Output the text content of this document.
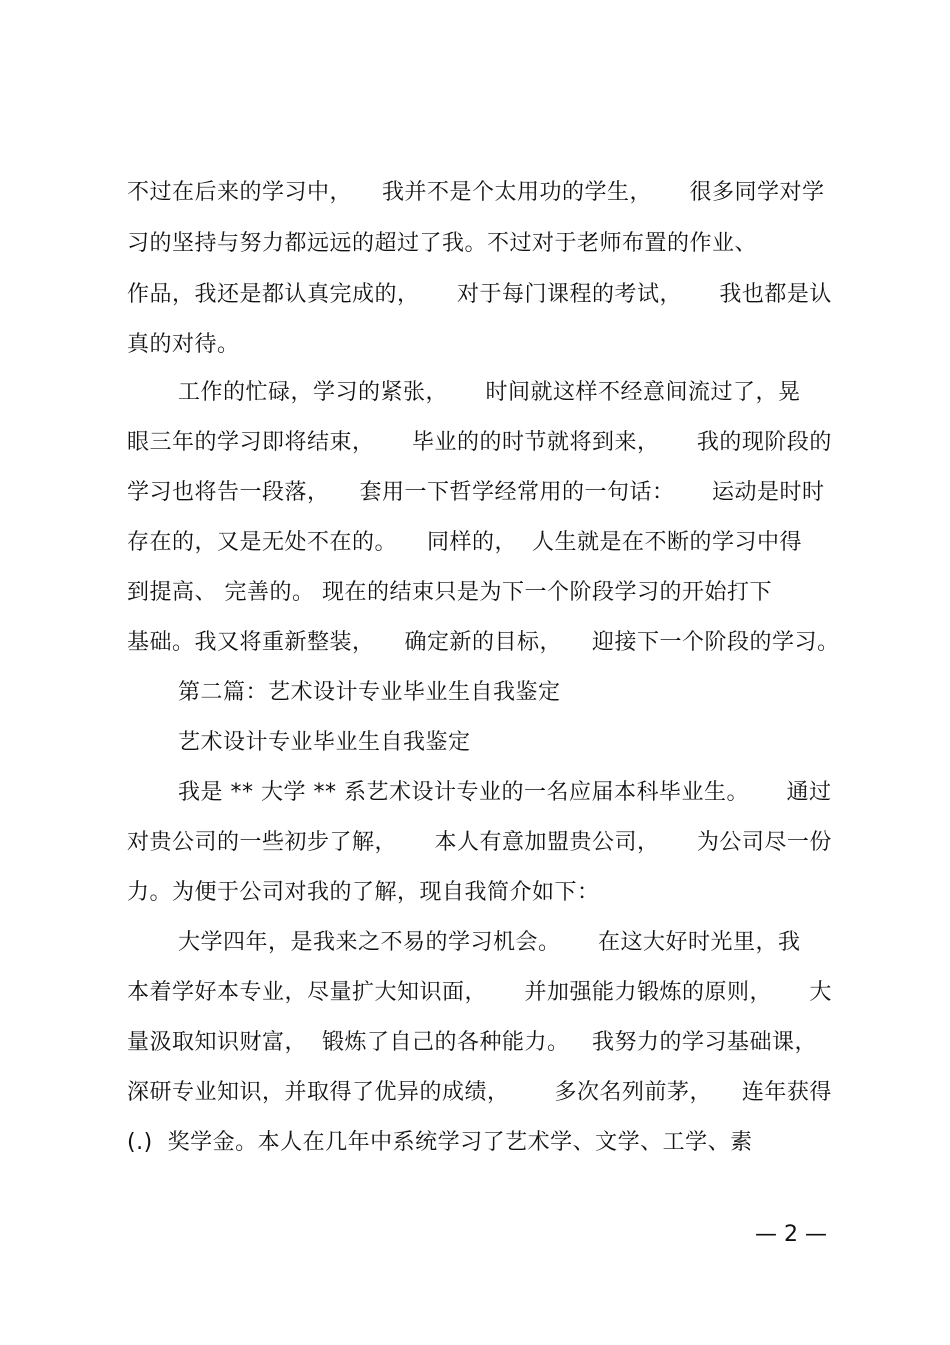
不过在后来的学习中，    我并不是个太用功的学生，     很多同学对学
习的坚持与努力都远远的超过了我。不过对于老师布置的作业、
作品，我还是都认真完成的，     对于每门课程的考试，     我也都是认
真的对待。
工作的忙碌，学习的紧张，     时间就这样不经意间流过了，晃
眼三年的学习即将结束，     毕业的的时节就将到来，     我的现阶段的
学习也将告一段落，    套用一下哲学经常用的一句话：     运动是时时
存在的，又是无处不在的。    同样的，  人生就是在不断的学习中得
到提高、 完善的。 现在的结束只是为下一个阶段学习的开始打下
基础。我又将重新整装，    确定新的目标，    迎接下一个阶段的学习。
第二篇：艺术设计专业毕业生自我鉴定
艺术设计专业毕业生自我鉴定
我是 ** 大学 ** 系艺术设计专业的一名应届本科毕业生。     通过
对贵公司的一些初步了解，     本人有意加盟贵公司，     为公司尽一份
力。为便于公司对我的了解，现自我简介如下：
大学四年，是我来之不易的学习机会。     在这大好时光里，我
本着学好本专业，尽量扩大知识面，     并加强能力锻炼的原则，     大
量汲取知识财富，  锻炼了自己的各种能力。   我努力的学习基础课，
深研专业知识，并取得了优异的成绩，      多次名列前茅，    连年获得
(.)  奖学金。本人在几年中系统学习了艺术学、文学、工学、素
— 2 —
